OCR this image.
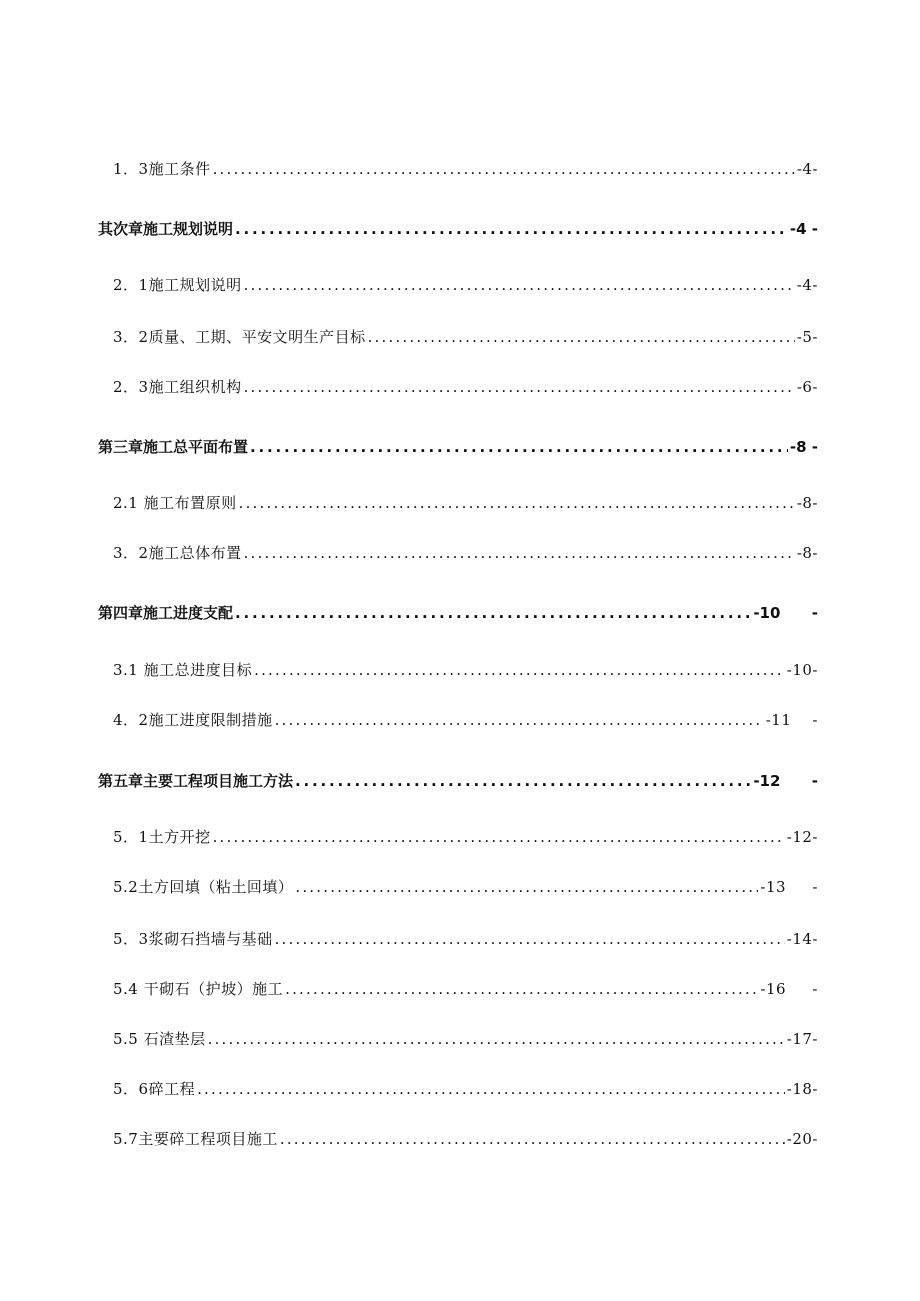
1．3施工条件 .....	-4-
其次章施工规划说明 .....	-4 -
2．1施工规划说明 .....	-4-
3．2质量、工期、平安文明生产目标 .....	-5-
2．3施工组织机构 .....	-6-
第三章施工总平面布置 .....	-8 -
2.1 施工布置原则 .....	-8-
3．2施工总体布置 .....	-8-
第四章施工进度支配 .....	-10      -
3.1 施工总进度目标 .....	-10-
4．2施工进度限制措施 .....	-11    -
第五章主要工程项目施工方法 .....	-12      -
5．1土方开挖 .....	-12-
5.2土方回填（粘土回填） .....	-13     -
5．3浆砌石挡墙与基础 .....	-14-
5.4 干砌石（护坡）施工 .....	-16     -
5.5 石渣垫层 .....	-17-
5．6碎工程 .....	-18-
5.7主要碎工程项目施工 .....	-20-
